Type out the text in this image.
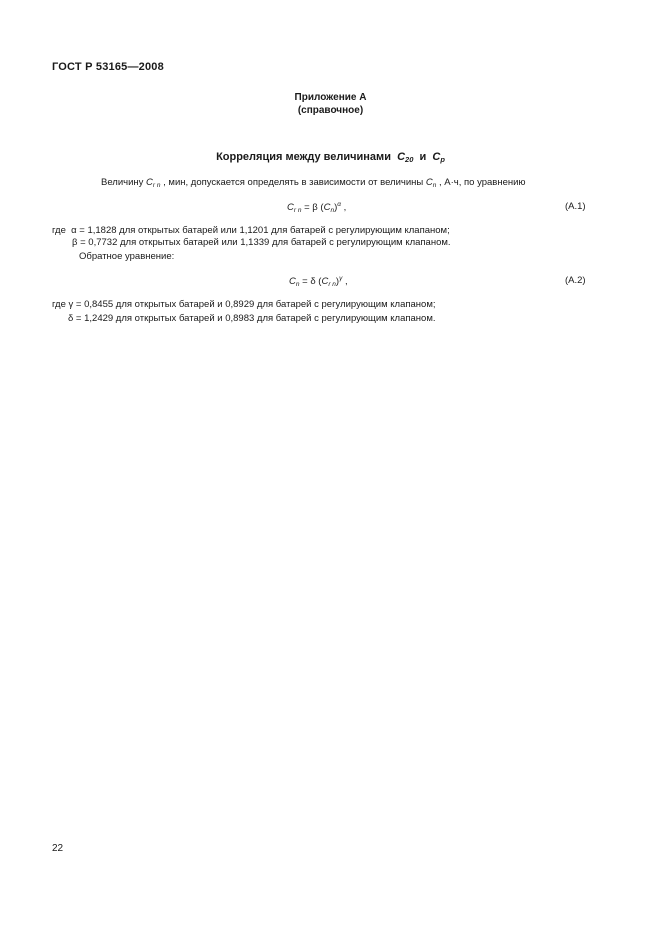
ГОСТ Р 53165—2008
Приложение А
(справочное)
Корреляция между величинами $C_{20}$ и $C_р$
Величину $C_{r n}$ , мин, допускается определять в зависимости от величины $C_n$ , А·ч, по уравнению
$C_{r n} = \beta$ $(C_n)^\alpha$ ,	(А.1)
где α = 1,1828 для открытых батарей или 1,1201 для батарей с регулирующим клапаном;
β = 0,7732 для открытых батарей или 1,1339 для батарей с регулирующим клапаном.
Обратное уравнение:
$C_n = \delta$ $(C_{r n})^\gamma$ ,	(А.2)
где γ = 0,8455 для открытых батарей и 0,8929 для батарей с регулирующим клапаном;
δ = 1,2429 для открытых батарей и 0,8983 для батарей с регулирующим клапаном.
22
